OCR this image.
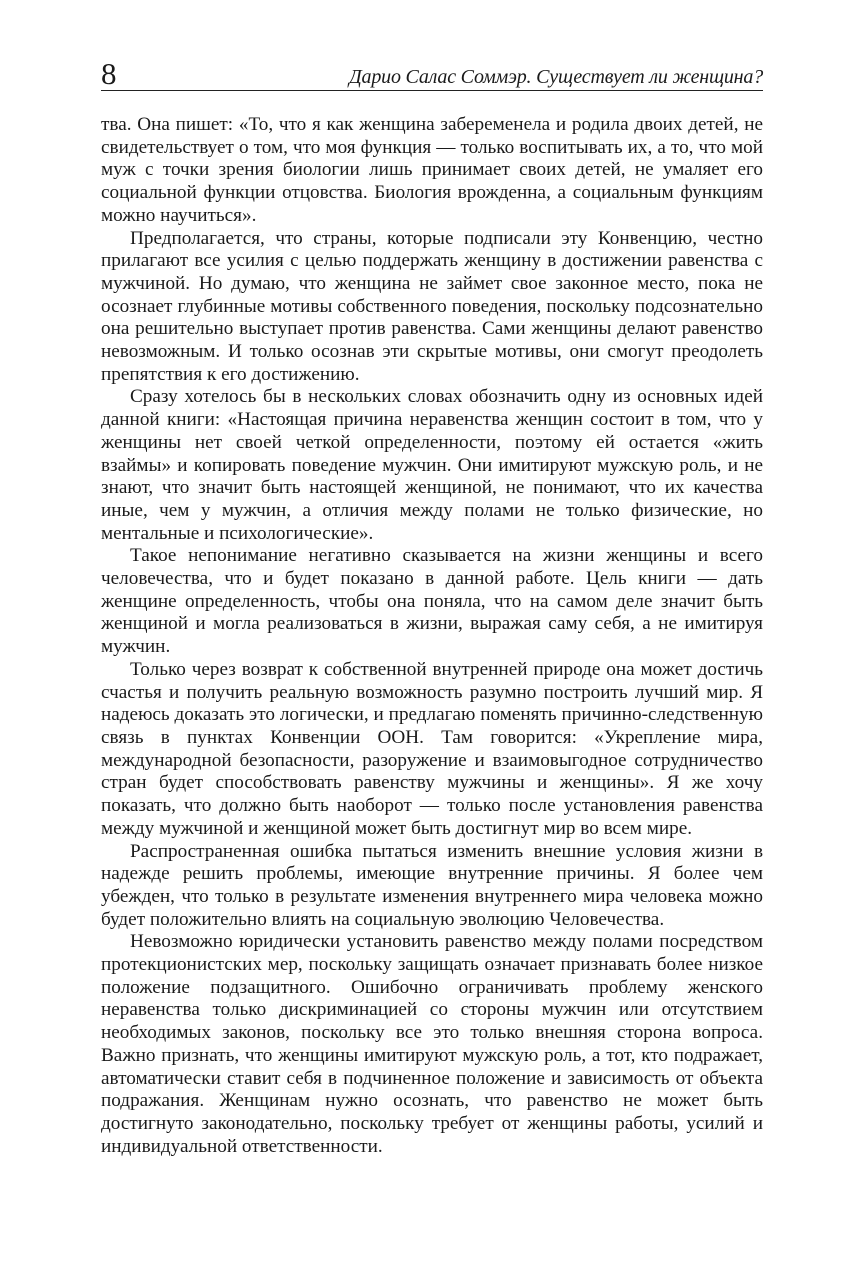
8	Дарио Салас Соммэр. Существует ли женщина?

тва. Она пишет: «То, что я как женщина забеременела и родила двоих детей, не свидетельствует о том, что моя функция — только воспитывать их, а то, что мой муж с точки зрения биологии лишь принимает своих детей, не умаляет его социальной функции отцовства. Биология врожденна, а социальным функциям можно научиться».

Предполагается, что страны, которые подписали эту Конвенцию, честно прилагают все усилия с целью поддержать женщину в достижении равенства с мужчиной. Но думаю, что женщина не займет свое законное место, пока не осознает глубинные мотивы собственного поведения, поскольку подсознательно она решительно выступает против равенства. Сами женщины делают равенство невозможным. И только осознав эти скрытые мотивы, они смогут преодолеть препятствия к его достижению.

Сразу хотелось бы в нескольких словах обозначить одну из основных идей данной книги: «Настоящая причина неравенства женщин состоит в том, что у женщины нет своей четкой определенности, поэтому ей остается «жить взаймы» и копировать поведение мужчин. Они имитируют мужскую роль, и не знают, что значит быть настоящей женщиной, не понимают, что их качества иные, чем у мужчин, а отличия между полами не только физические, но ментальные и психологические».

Такое непонимание негативно сказывается на жизни женщины и всего человечества, что и будет показано в данной работе. Цель книги — дать женщине определенность, чтобы она поняла, что на самом деле значит быть женщиной и могла реализоваться в жизни, выражая саму себя, а не имитируя мужчин.

Только через возврат к собственной внутренней природе она может достичь счастья и получить реальную возможность разумно построить лучший мир. Я надеюсь доказать это логически, и предлагаю поменять причинно-следственную связь в пунктах Конвенции ООН. Там говорится: «Укрепление мира, международной безопасности, разоружение и взаимовыгодное сотрудничество стран будет способствовать равенству мужчины и женщины». Я же хочу показать, что должно быть наоборот — только после установления равенства между мужчиной и женщиной может быть достигнут мир во всем мире.

Распространенная ошибка пытаться изменить внешние условия жизни в надежде решить проблемы, имеющие внутренние причины. Я более чем убежден, что только в результате изменения внутреннего мира человека можно будет положительно влиять на социальную эволюцию Человечества.

Невозможно юридически установить равенство между полами посредством протекционистских мер, поскольку защищать означает признавать более низкое положение подзащитного. Ошибочно ограничивать проблему женского неравенства только дискриминацией со стороны мужчин или отсутствием необходимых законов, поскольку все это только внешняя сторона вопроса. Важно признать, что женщины имитируют мужскую роль, а тот, кто подражает, автоматически ставит себя в подчиненное положение и зависимость от объекта подражания. Женщинам нужно осознать, что равенство не может быть достигнуто законодательно, поскольку требует от женщины работы, усилий и индивидуальной ответственности.
